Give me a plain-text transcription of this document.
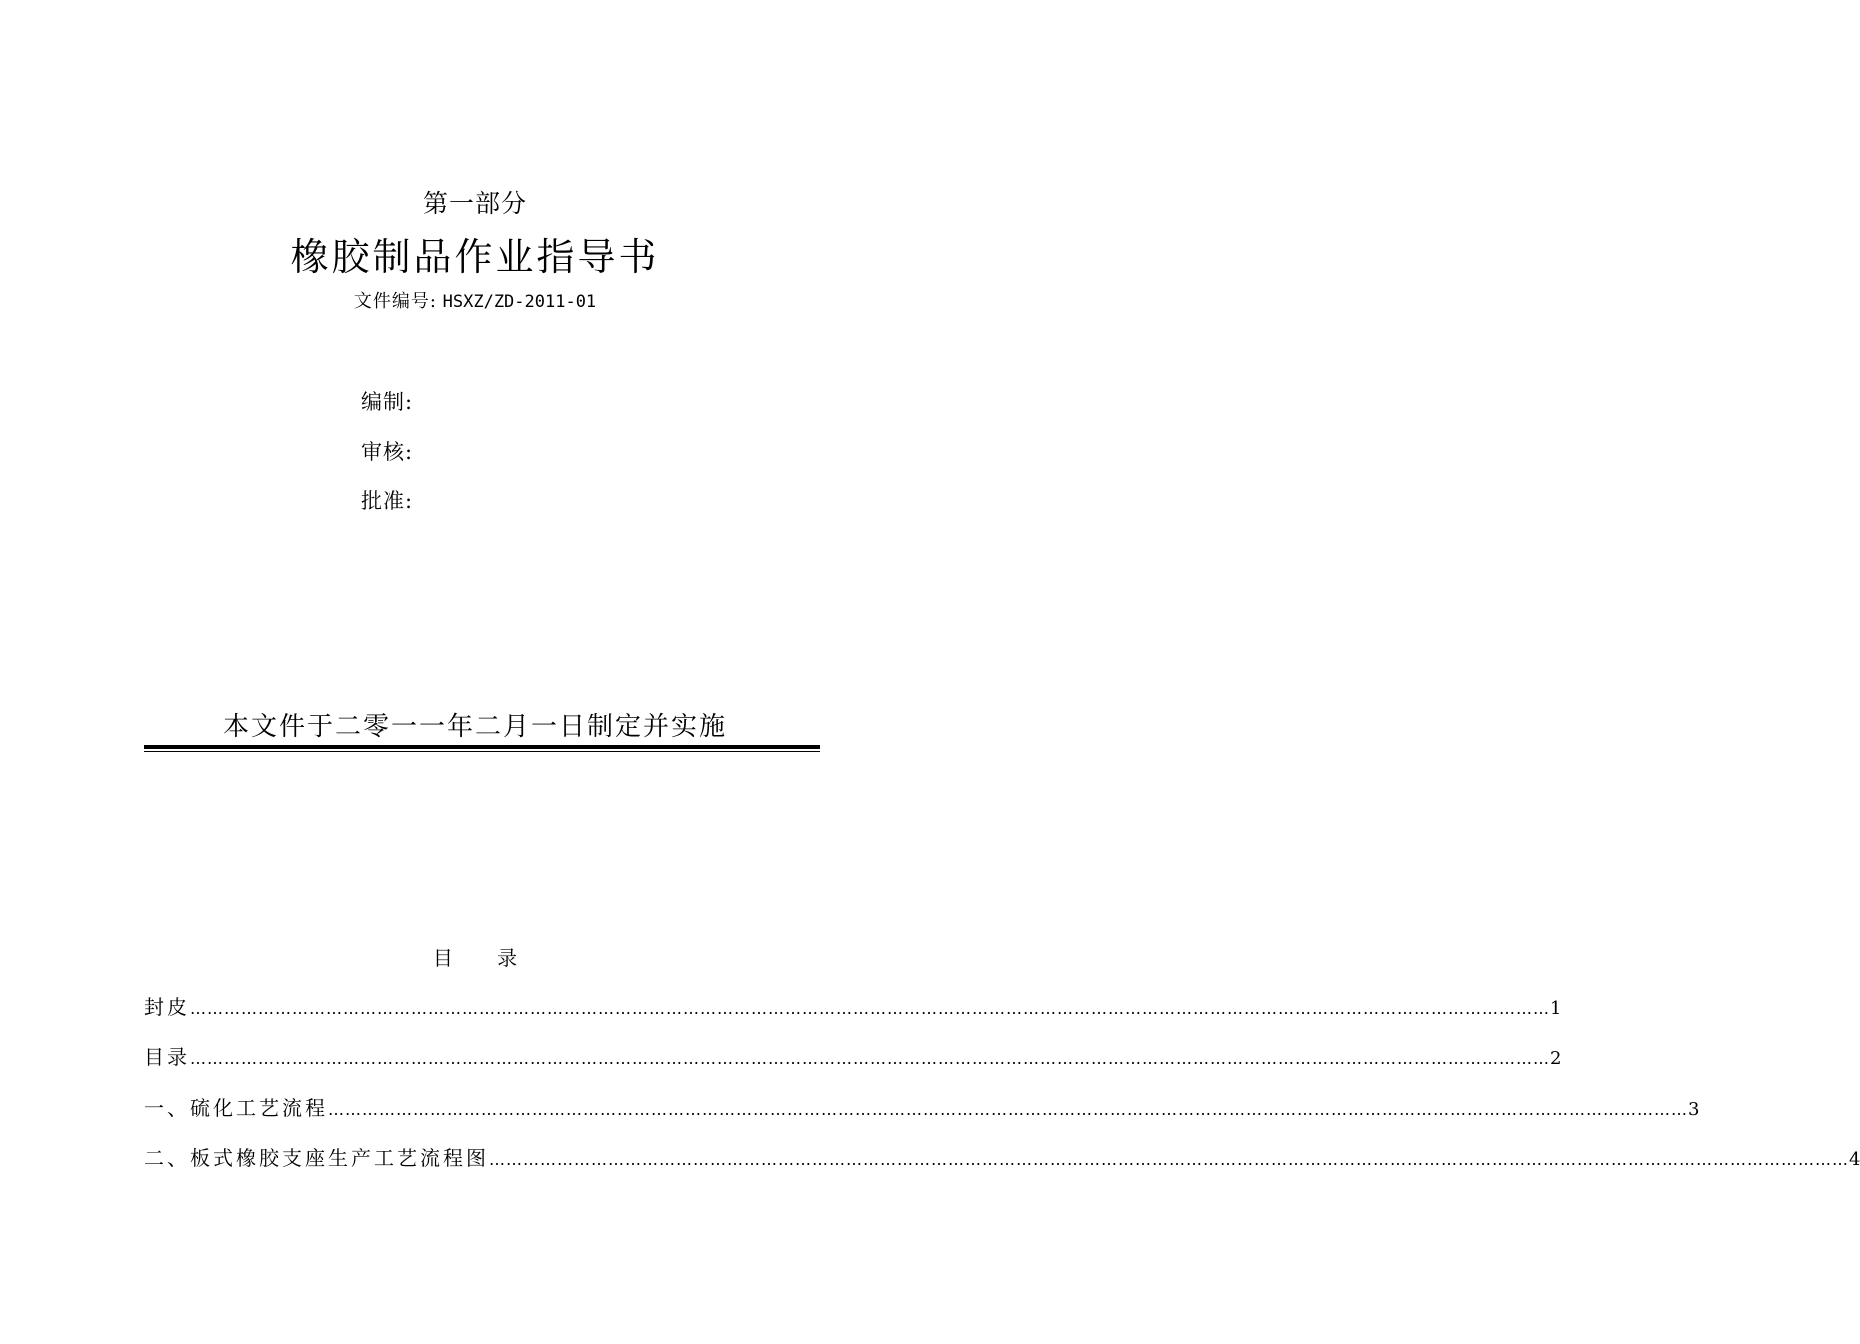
第一部分
橡胶制品作业指导书
文件编号: HSXZ/ZD-2011-01
编制:
审核:
批准:
本文件于二零一一年二月一日制定并实施
目 录
封皮 …………………………………………………………………………………………………………………………………………………………………………………………………………………… 1
目录 …………………………………………………………………………………………………………………………………………………………………………………………………………………… 2
一、硫化工艺流程 …………………………………………………………………………………………………………………………………………………………………………………………………………………… 3
二、板式橡胶支座生产工艺流程图 …………………………………………………………………………………………………………………………………………………………………………………………………………………… 4
